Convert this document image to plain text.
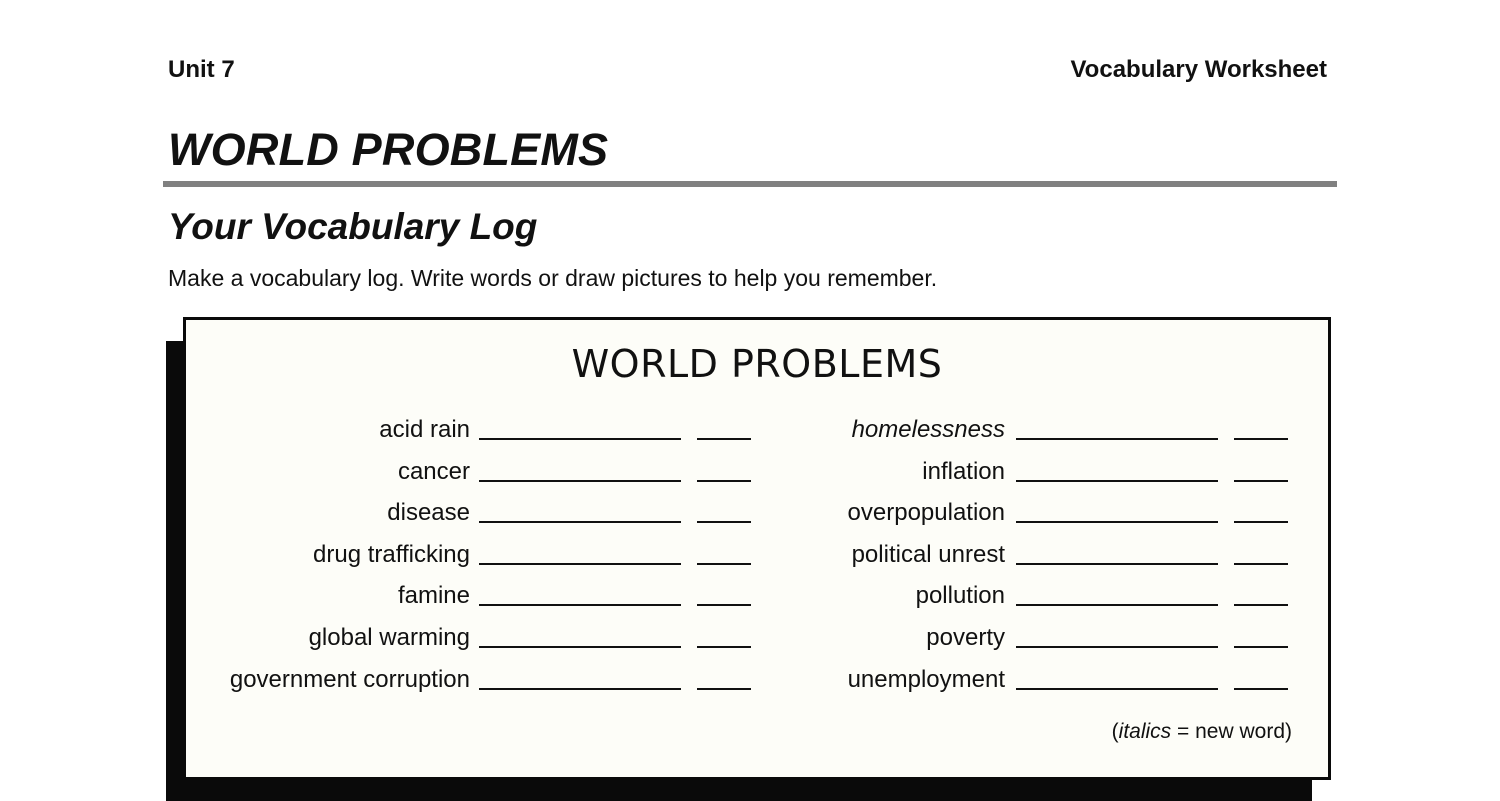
Unit 7	Vocabulary Worksheet
WORLD PROBLEMS
Your Vocabulary Log

Make a vocabulary log. Write words or draw pictures to help you remember.

WORLD PROBLEMS
acid rain
cancer
disease
drug trafficking
famine
global warming
government corruption
homelessness
inflation
overpopulation
political unrest
pollution
poverty
unemployment
(italics = new word)
